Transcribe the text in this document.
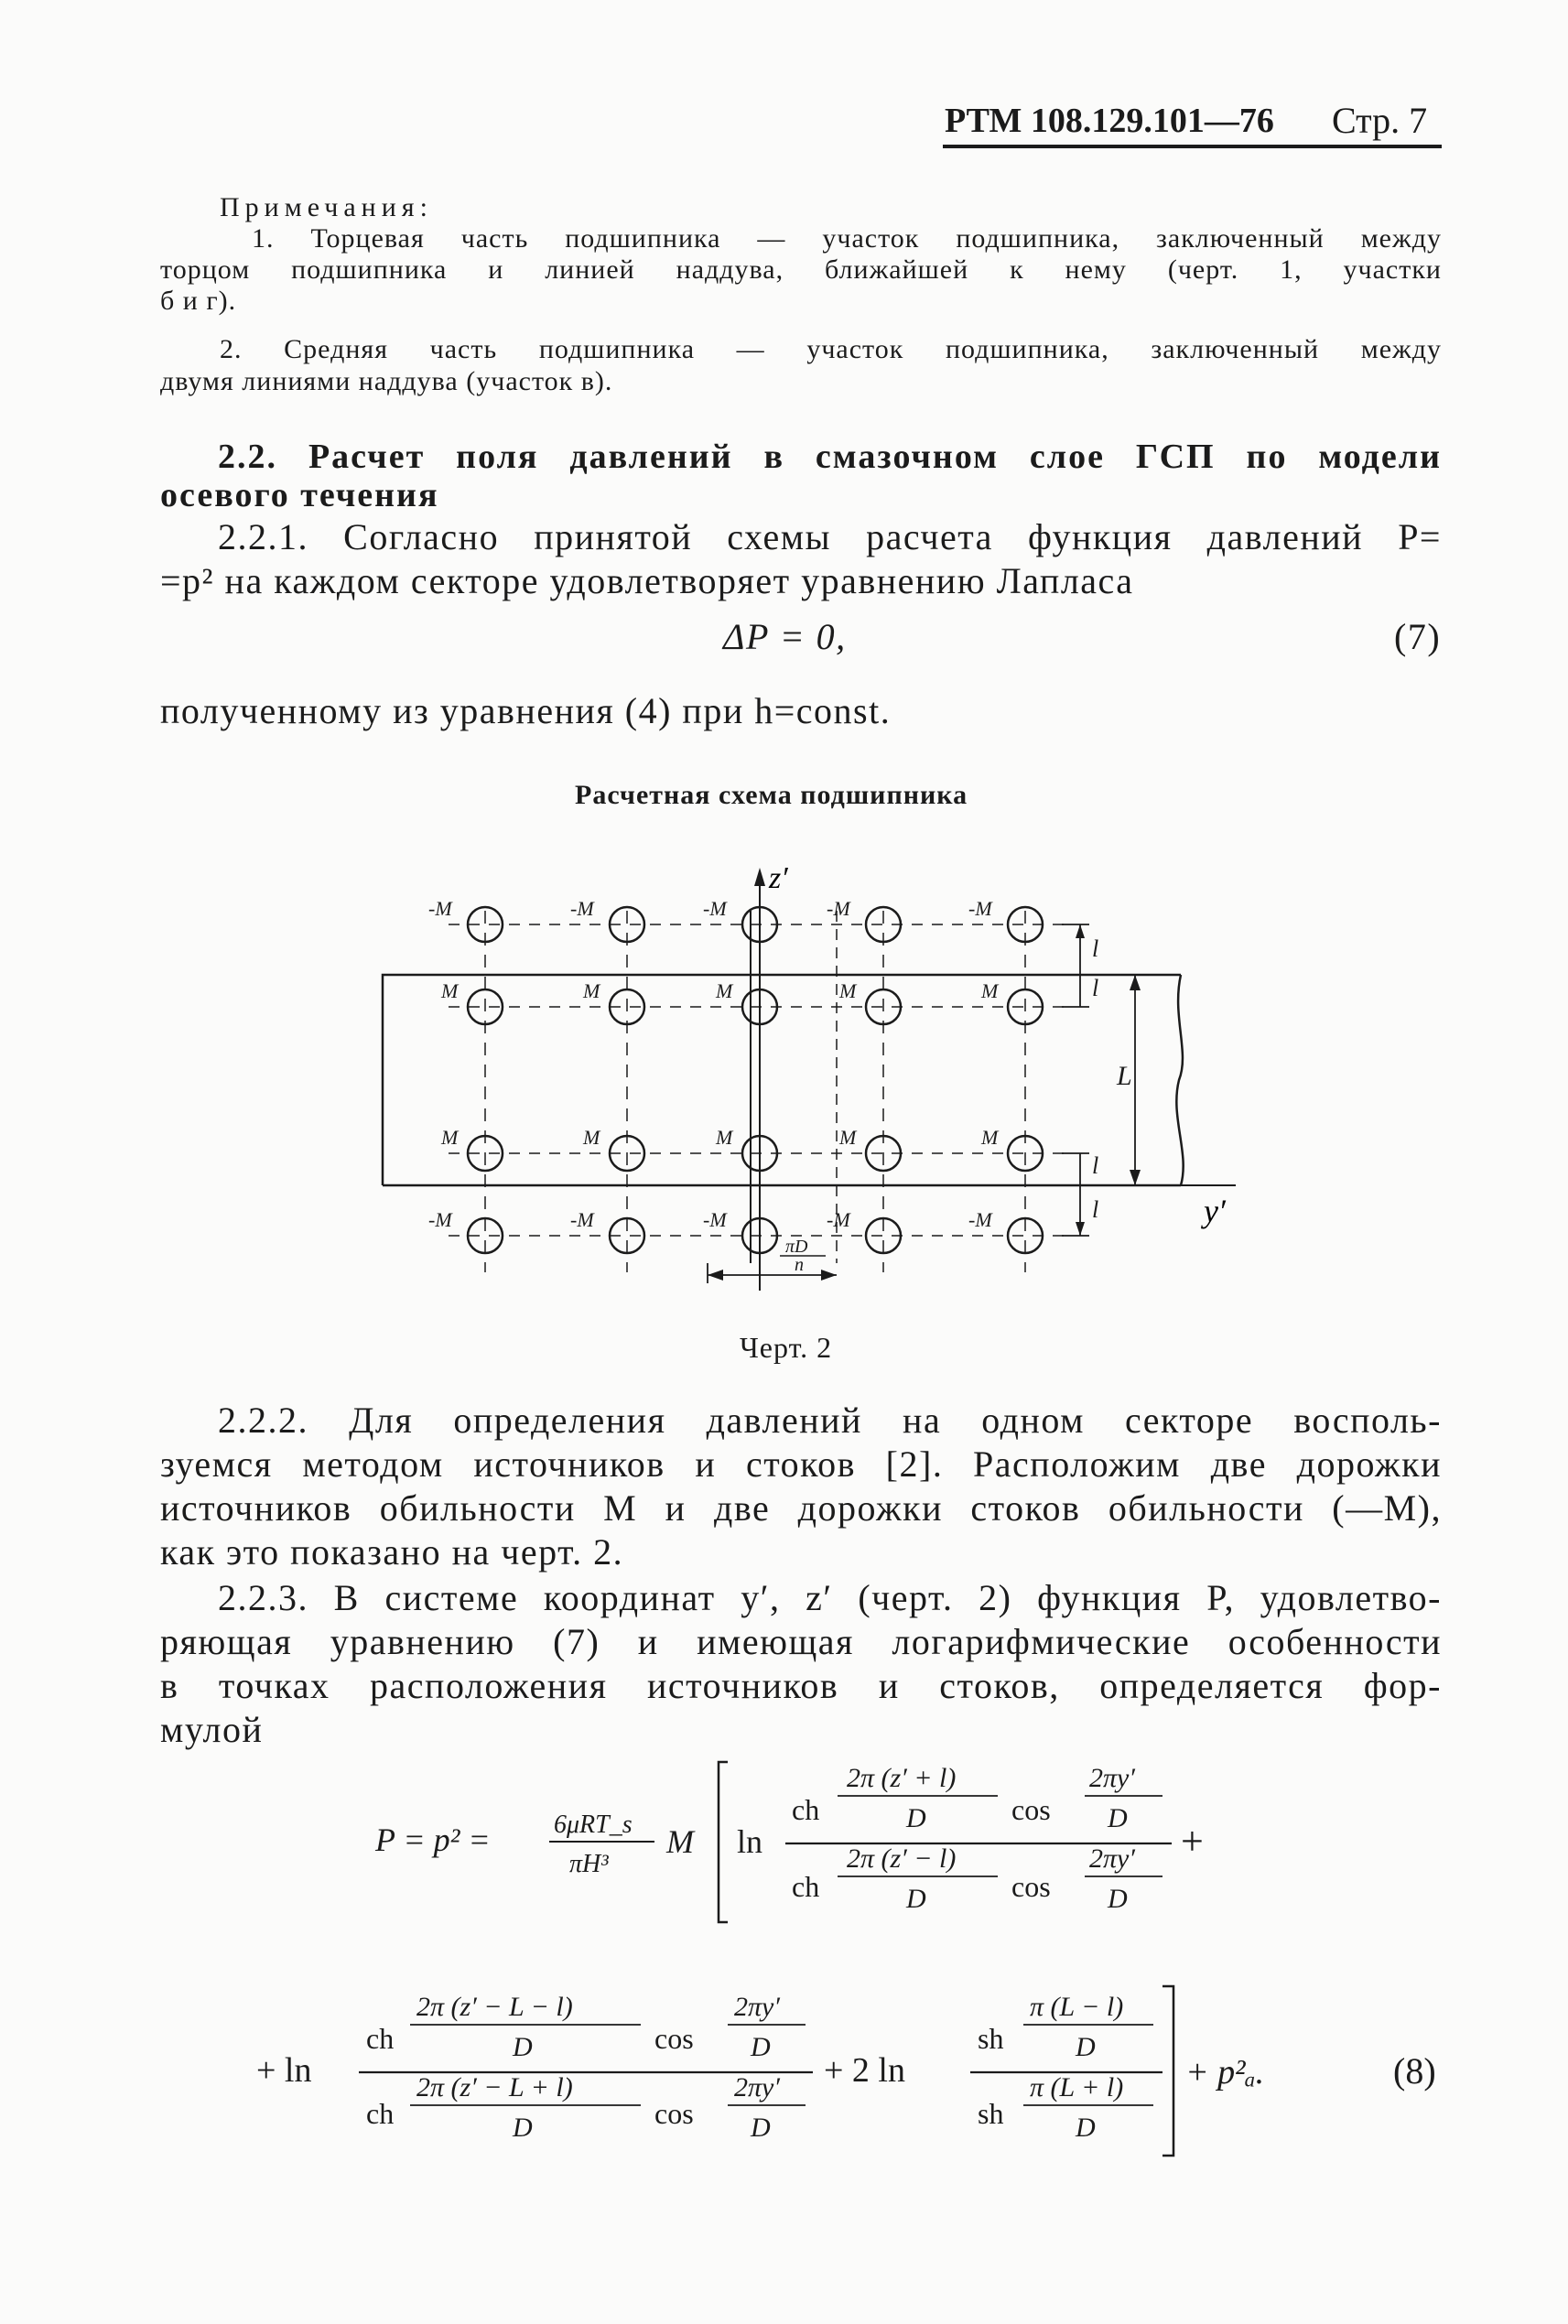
РТМ 108.129.101—76 Стр. 7
Примечания:
1. Торцевая часть подшипника — участок подшипника, заключенный между
торцом подшипника и линией наддува, ближайшей к нему (черт. 1, участки
б и г).
2. Средняя часть подшипника — участок подшипника, заключенный между
двумя линиями наддува (участок в).
2.2. Расчет поля давлений в смазочном слое ГСП по модели
осевого течения
2.2.1. Согласно принятой схемы расчета функция давлений P=
=p² на каждом секторе удовлетворяет уравнению Лапласа
ΔP = 0,	(7)
полученному из уравнения (4) при h=const.
Расчетная схема подшипника
z′
y′
-M	-M	-M	-M	-M
M	M	M	M	M
M	M	M	M	M
-M	-M	-M	-M	-M
l
l
l
l
L
πD
n
Черт. 2
2.2.2. Для определения давлений на одном секторе восполь-
зуемся методом источников и стоков [2]. Расположим две дорожки
источников обильности M и две дорожки стоков обильности (—M),
как это показано на черт. 2.
2.2.3. В системе координат y′, z′ (черт. 2) функция P, удовлетво-
ряющая уравнению (7) и имеющая логарифмические особенности
в точках расположения источников и стоков, определяется фор-
мулой
P = p² = 6μRT_s
πH³
M ln
ch
2π (z′ + l)
D	cos
2πy′
D
ch
2π (z′ − l)
D	cos
2πy′
D
+
+ ln
ch
2π (z′ − L − l)
D	cos
2πy′
D
ch
2π (z′ − L + l)
D	cos
2πy′
D
+ 2 ln
sh
π (L − l)
D
sh
π (L + l)
D
+ p²ₐ.	(8)
